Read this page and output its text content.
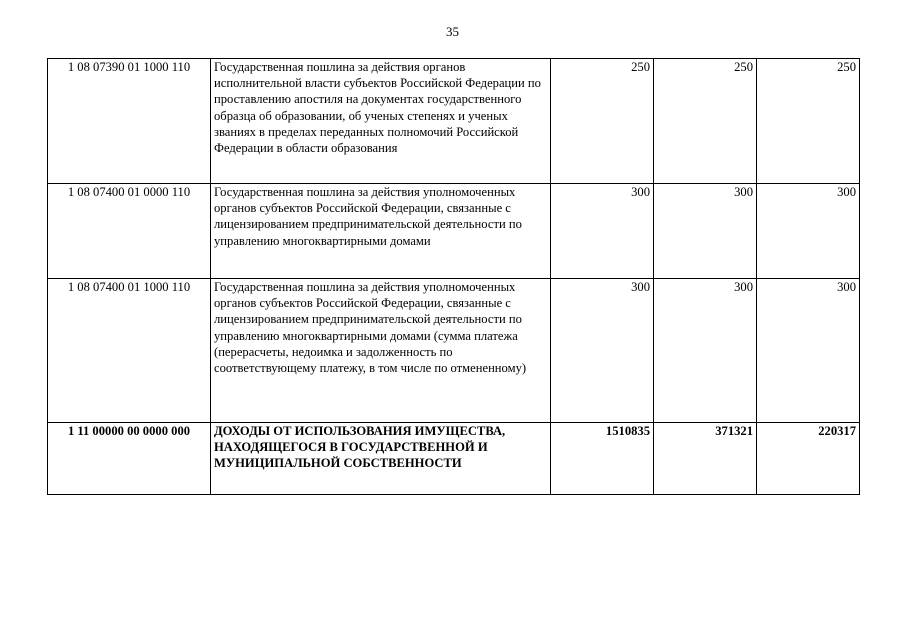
35
1 08 07390 01 1000 110	Государственная пошлина за действия органов исполнительной власти субъектов Российской Федерации по проставлению апостиля на документах государственного образца об образовании, об ученых степенях и ученых званиях в пределах переданных полномочий Российской Федерации в области образования	250	250	250
1 08 07400 01 0000 110	Государственная пошлина за действия уполномоченных органов субъектов Российской Федерации, связанные с лицензированием предпринимательской деятельности по управлению многоквартирными домами	300	300	300
1 08 07400 01 1000 110	Государственная пошлина за действия уполномоченных органов субъектов Российской Федерации, связанные с лицензированием предпринимательской деятельности по управлению многоквартирными домами (сумма платежа (перерасчеты, недоимка и задолженность по соответствующему платежу, в том числе по отмененному)	300	300	300
1 11 00000 00 0000 000	ДОХОДЫ ОТ ИСПОЛЬЗОВАНИЯ ИМУЩЕСТВА, НАХОДЯЩЕГОСЯ В ГОСУДАРСТВЕННОЙ И МУНИЦИПАЛЬНОЙ СОБСТВЕННОСТИ	1510835	371321	220317
